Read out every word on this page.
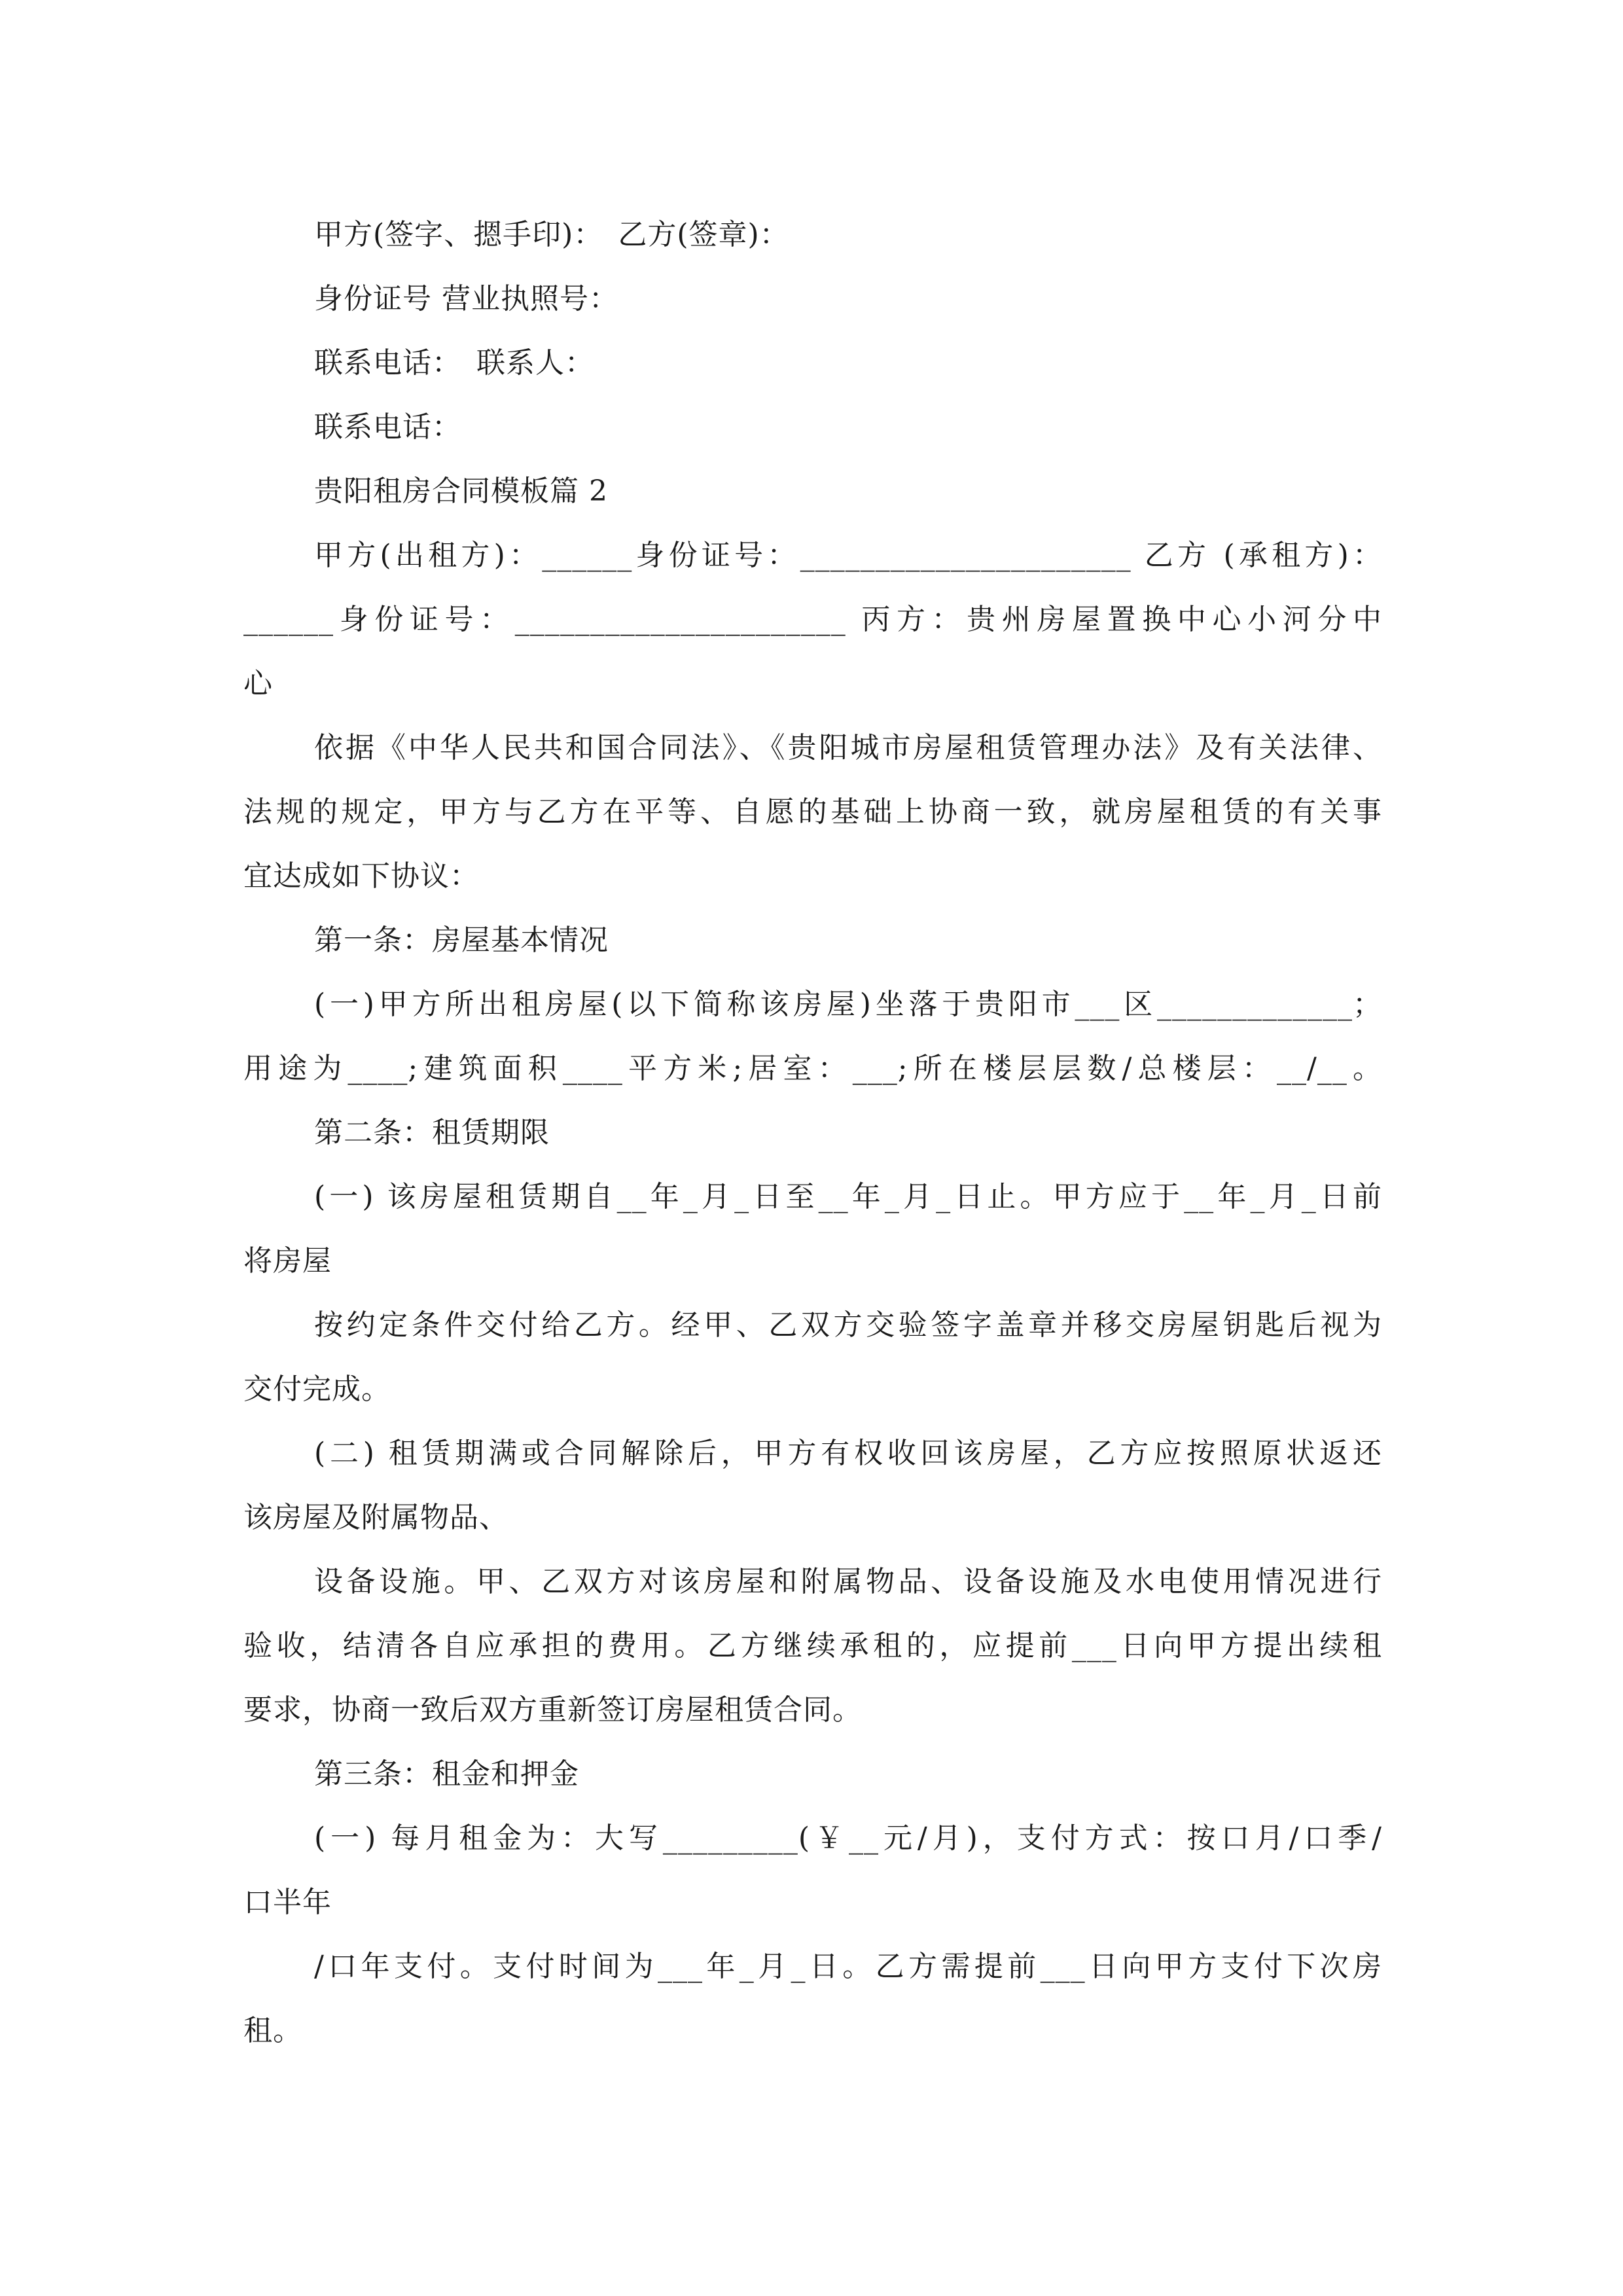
甲方(签字、摁手印)：　乙方(签章)：

身份证号 营业执照号：

联系电话：　联系人：

联系电话：

贵阳租房合同模板篇 2

甲方(出租方)：______身份证号：______________________ 乙方 (承租方)：

______身份证号：______________________ 丙方：贵州房屋置换中心小河分中

心

依据《中华人民共和国合同法》、《贵阳城市房屋租赁管理办法》及有关法律、

法规的规定，甲方与乙方在平等、自愿的基础上协商一致，就房屋租赁的有关事

宜达成如下协议：

第一条：房屋基本情况

(一)甲方所出租房屋(以下简称该房屋)坐落于贵阳市___区_____________；

用途为____;建筑面积____平方米;居室：___;所在楼层层数/总楼层：__/__。

第二条：租赁期限

(一) 该房屋租赁期自__年_月_日至__年_月_日止。甲方应于__年_月_日前

将房屋

按约定条件交付给乙方。经甲、乙双方交验签字盖章并移交房屋钥匙后视为

交付完成。

(二) 租赁期满或合同解除后，甲方有权收回该房屋，乙方应按照原状返还

该房屋及附属物品、

设备设施。甲、乙双方对该房屋和附属物品、设备设施及水电使用情况进行

验收，结清各自应承担的费用。乙方继续承租的，应提前___日向甲方提出续租

要求，协商一致后双方重新签订房屋租赁合同。

第三条：租金和押金

(一) 每月租金为：大写_________(￥__元/月)，支付方式：按口月/口季/

口半年

/口年支付。支付时间为___年_月_日。乙方需提前___日向甲方支付下次房

租。
